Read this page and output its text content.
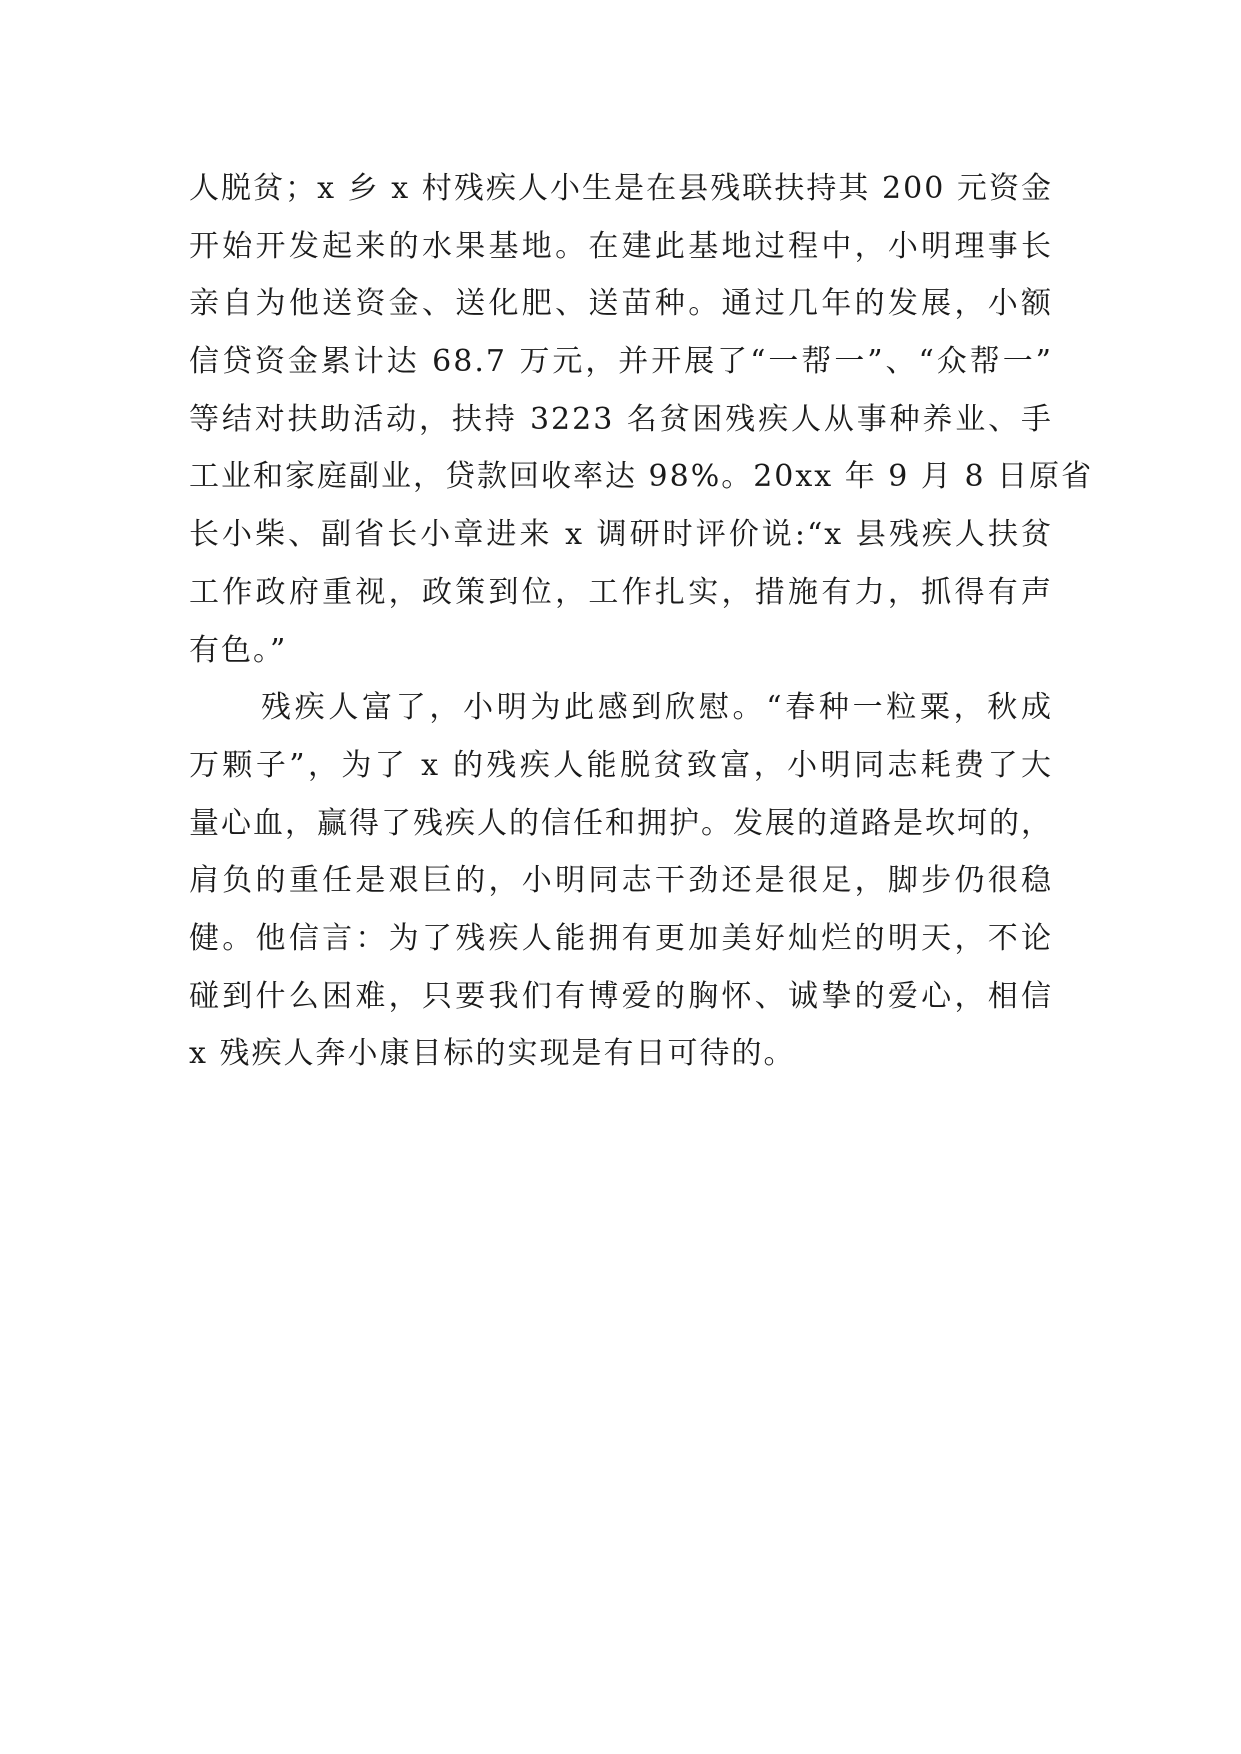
人脱贫；x 乡 x 村残疾人小生是在县残联扶持其 200 元资金
开始开发起来的水果基地。在建此基地过程中，小明理事长
亲自为他送资金、送化肥、送苗种。通过几年的发展，小额
信贷资金累计达 68.7 万元，并开展了“一帮一”、“众帮一”
等结对扶助活动，扶持 3223 名贫困残疾人从事种养业、手
工业和家庭副业，贷款回收率达 98%。20xx 年 9 月 8 日原省
长小柴、副省长小章进来 x 调研时评价说:“x 县残疾人扶贫
工作政府重视，政策到位，工作扎实，措施有力，抓得有声
有色。”
残疾人富了，小明为此感到欣慰。“春种一粒粟，秋成
万颗子”，为了 x 的残疾人能脱贫致富，小明同志耗费了大
量心血，赢得了残疾人的信任和拥护。发展的道路是坎坷的，
肩负的重任是艰巨的，小明同志干劲还是很足，脚步仍很稳
健。他信言：为了残疾人能拥有更加美好灿烂的明天，不论
碰到什么困难，只要我们有博爱的胸怀、诚挚的爱心，相信
x 残疾人奔小康目标的实现是有日可待的。
